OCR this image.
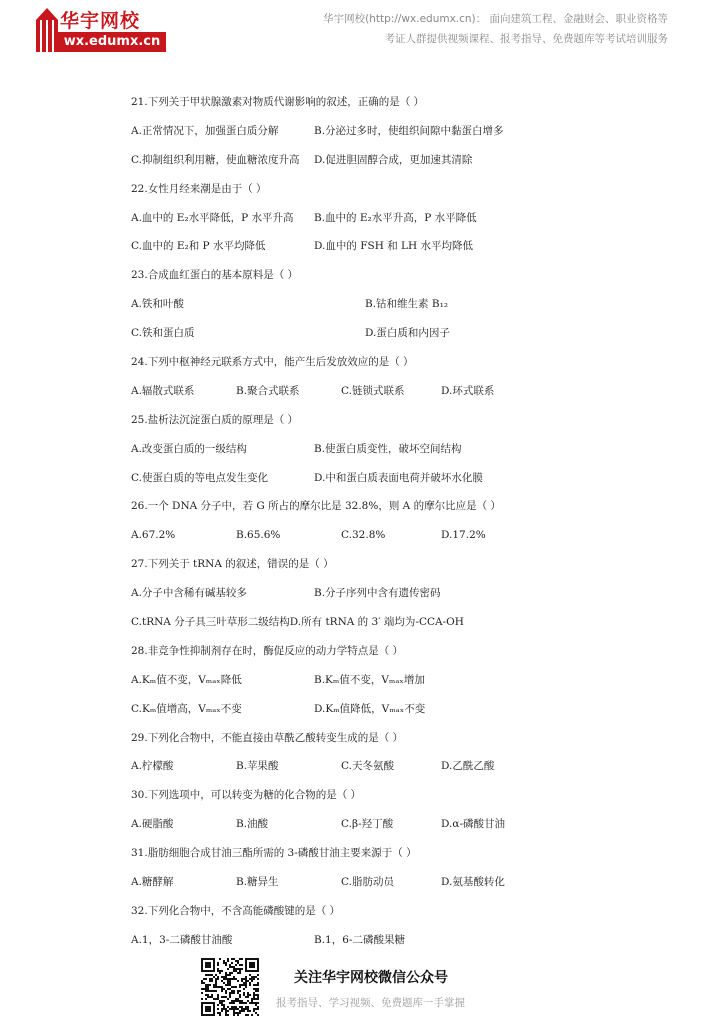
华宇网校
wx.edumx.cn
华宇网校(http://wx.edumx.cn)： 面向建筑工程、金融财会、职业资格等
考证人群提供视频课程、报考指导、免费题库等考试培训服务
21.下列关于甲状腺激素对物质代谢影响的叙述，正确的是（ ）
A.正常情况下，加强蛋白质分解	B.分泌过多时，使组织间隙中黏蛋白增多
C.抑制组织利用糖，使血糖浓度升高 D.促进胆固醇合成，更加速其清除
22.女性月经来潮是由于（ ）
A.血中的 E₂水平降低，P 水平升高 B.血中的 E₂水平升高，P 水平降低
C.血中的 E₂和 P 水平均降低	D.血中的 FSH 和 LH 水平均降低
23.合成血红蛋白的基本原料是（ ）
A.铁和叶酸	B.钴和维生素 B₁₂
C.铁和蛋白质	D.蛋白质和内因子
24.下列中枢神经元联系方式中，能产生后发放效应的是（ ）
A.辐散式联系	B.聚合式联系	C.链锁式联系	D.环式联系
25.盐析法沉淀蛋白质的原理是（ ）
A.改变蛋白质的一级结构	B.使蛋白质变性，破坏空间结构
C.使蛋白质的等电点发生变化	D.中和蛋白质表面电荷并破坏水化膜
26.一个 DNA 分子中，若 G 所占的摩尔比是 32.8%，则 A 的摩尔比应是（ ）
A.67.2%	B.65.6%	C.32.8%	D.17.2%
27.下列关于 tRNA 的叙述，错误的是（ ）
A.分子中含稀有碱基较多	B.分子序列中含有遗传密码
C.tRNA 分子具三叶草形二级结构D.所有 tRNA 的 3′ 端均为-CCA-OH
28.非竞争性抑制剂存在时，酶促反应的动力学特点是（ ）
A.Kₘ值不变，Vₘₐₓ降低	B.Kₘ值不变，Vₘₐₓ增加
C.Kₘ值增高，Vₘₐₓ不变	D.Kₘ值降低，Vₘₐₓ不变
29.下列化合物中，不能直接由草酰乙酸转变生成的是（ ）
A.柠檬酸	B.苹果酸	C.天冬氨酸	D.乙酰乙酸
30.下列选项中，可以转变为糖的化合物的是（ ）
A.硬脂酸	B.油酸	C.β-羟丁酸	D.α-磷酸甘油
31.脂肪细胞合成甘油三酯所需的 3-磷酸甘油主要来源于（ ）
A.糖酵解	B.糖异生	C.脂肪动员	D.氨基酸转化
32.下列化合物中，不含高能磷酸键的是（ ）
A.1，3-二磷酸甘油酸	B.1，6-二磷酸果糖
关注华宇网校微信公众号
报考指导、学习视频、免费题库一手掌握
